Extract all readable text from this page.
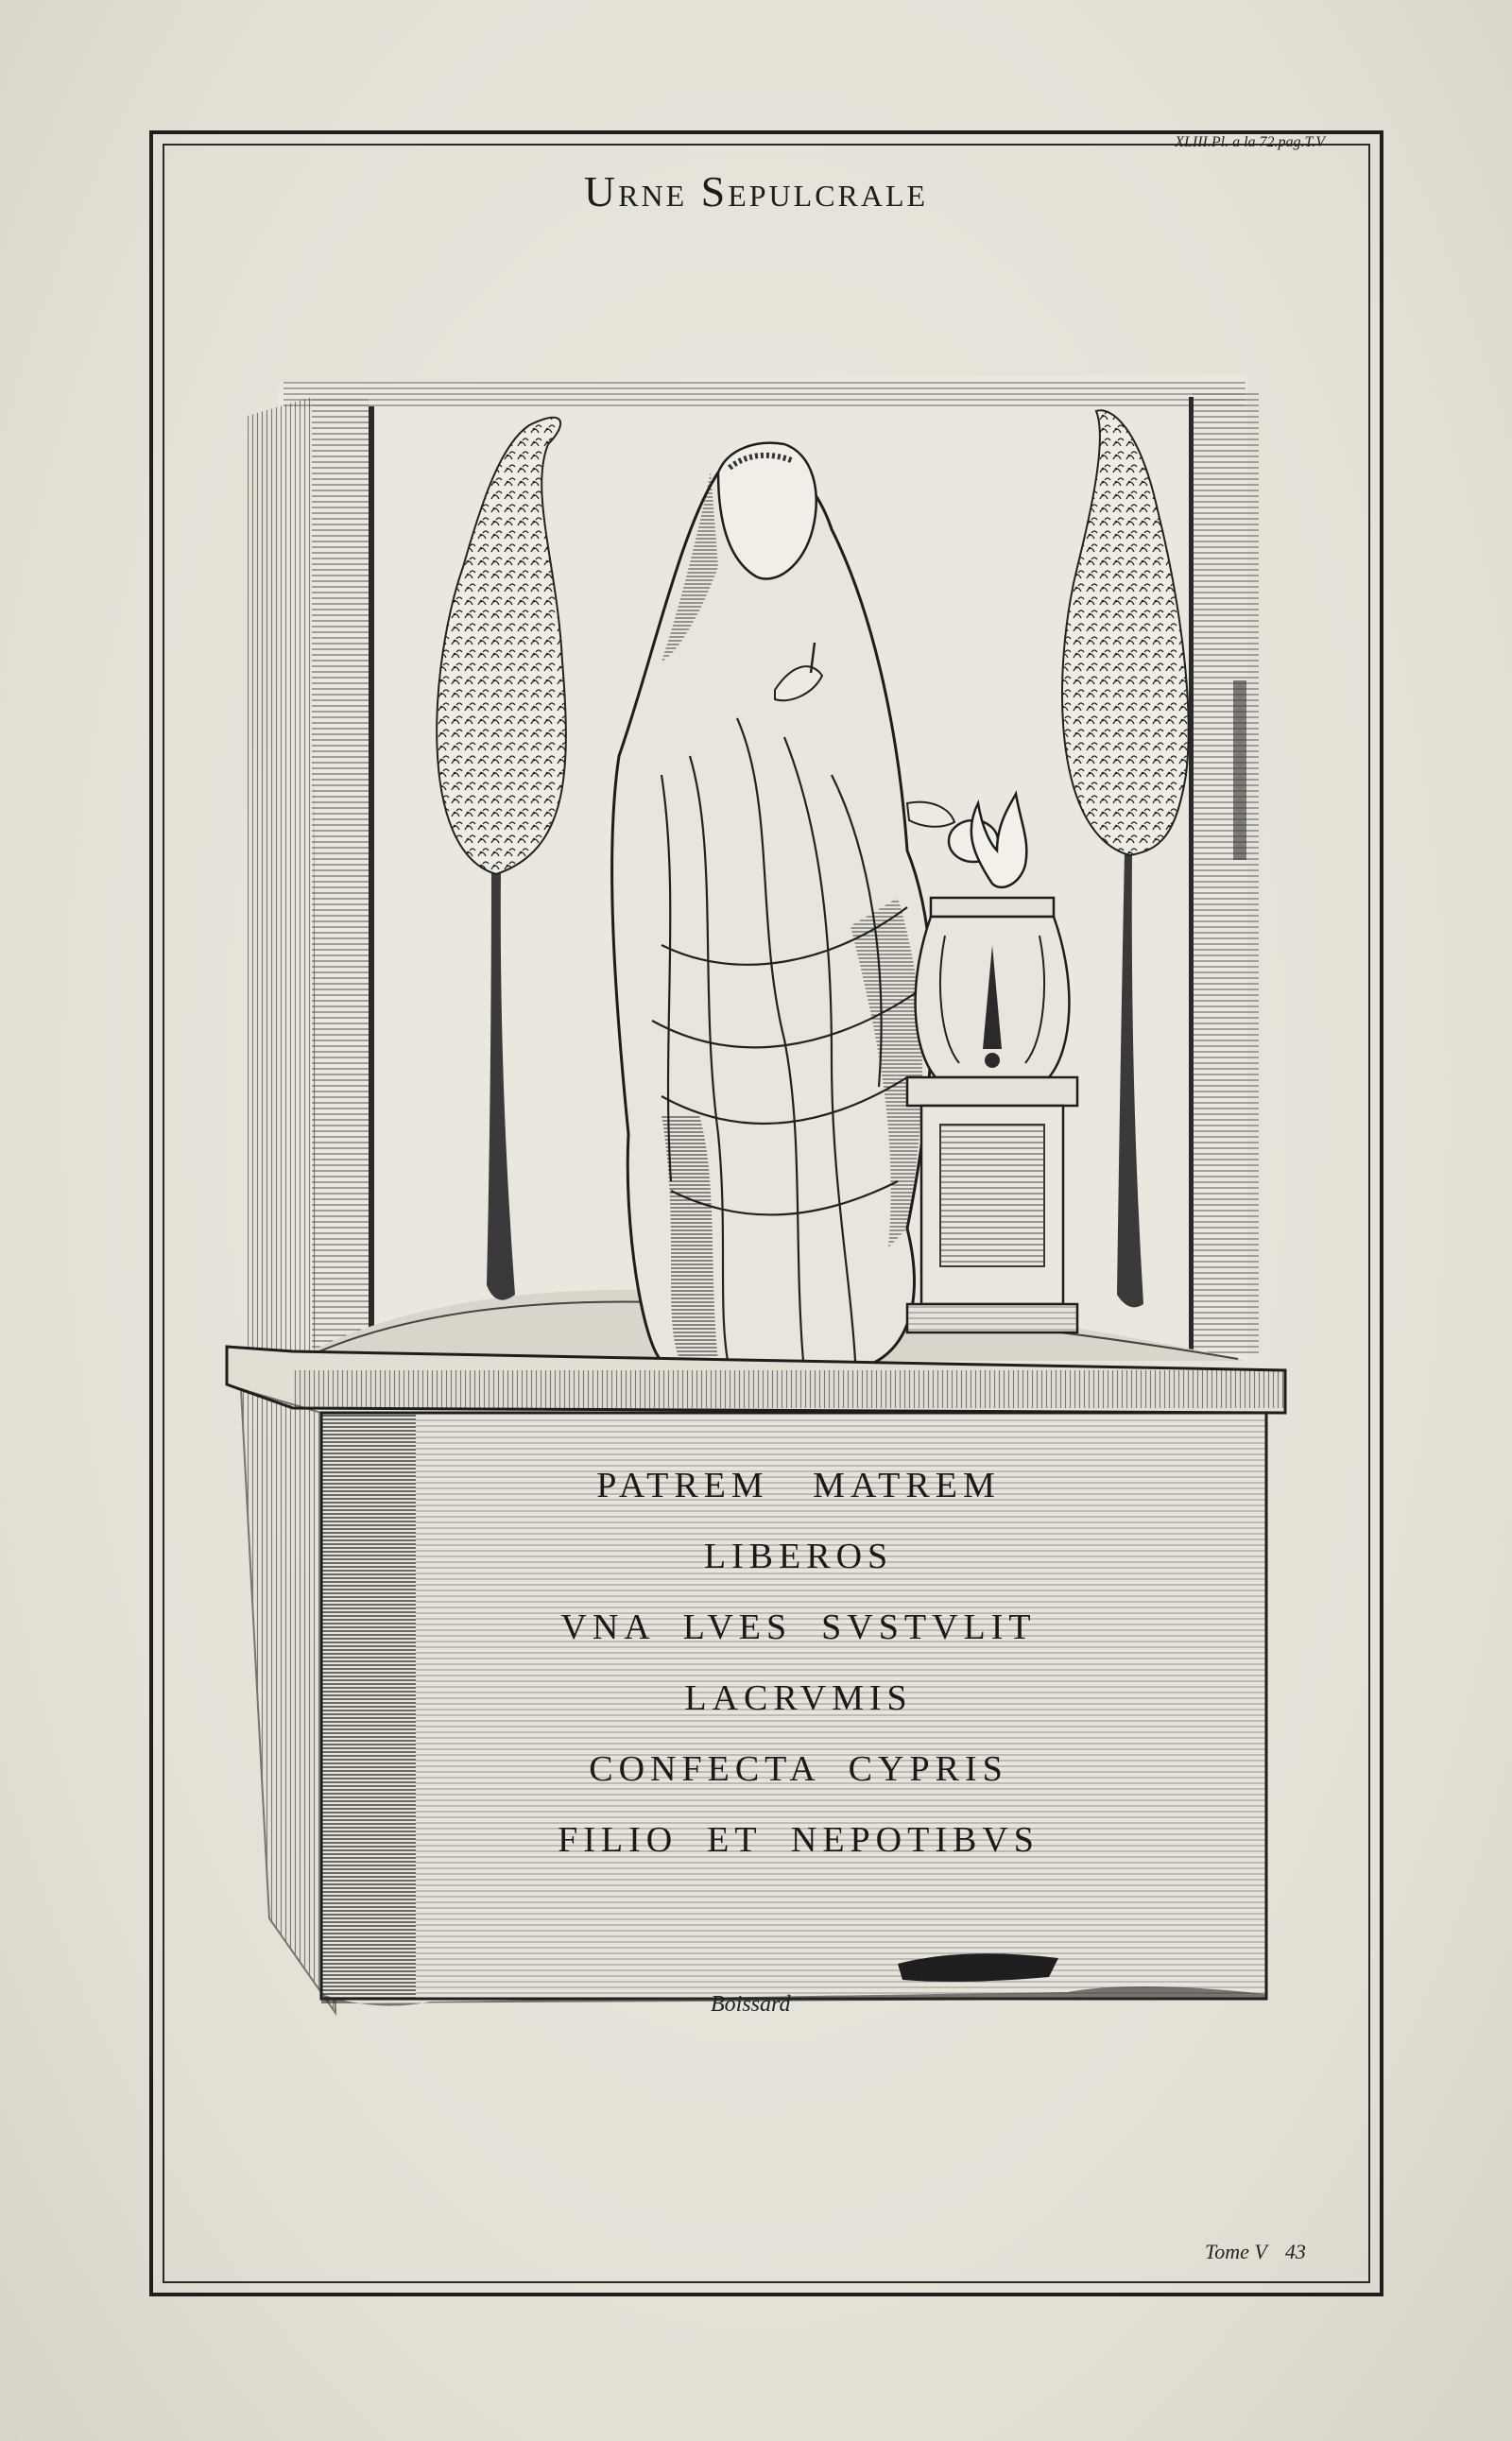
XLIII.Pl. a la 72.pag.T.V
Urne Sepulcrale
PATREM   MATREM
LIBEROS
VNA  LVES  SVSTVLIT
LACRVMIS
CONFECTA  CYPRIS
FILIO  ET  NEPOTIBVS
Boissard
Tome V 43
